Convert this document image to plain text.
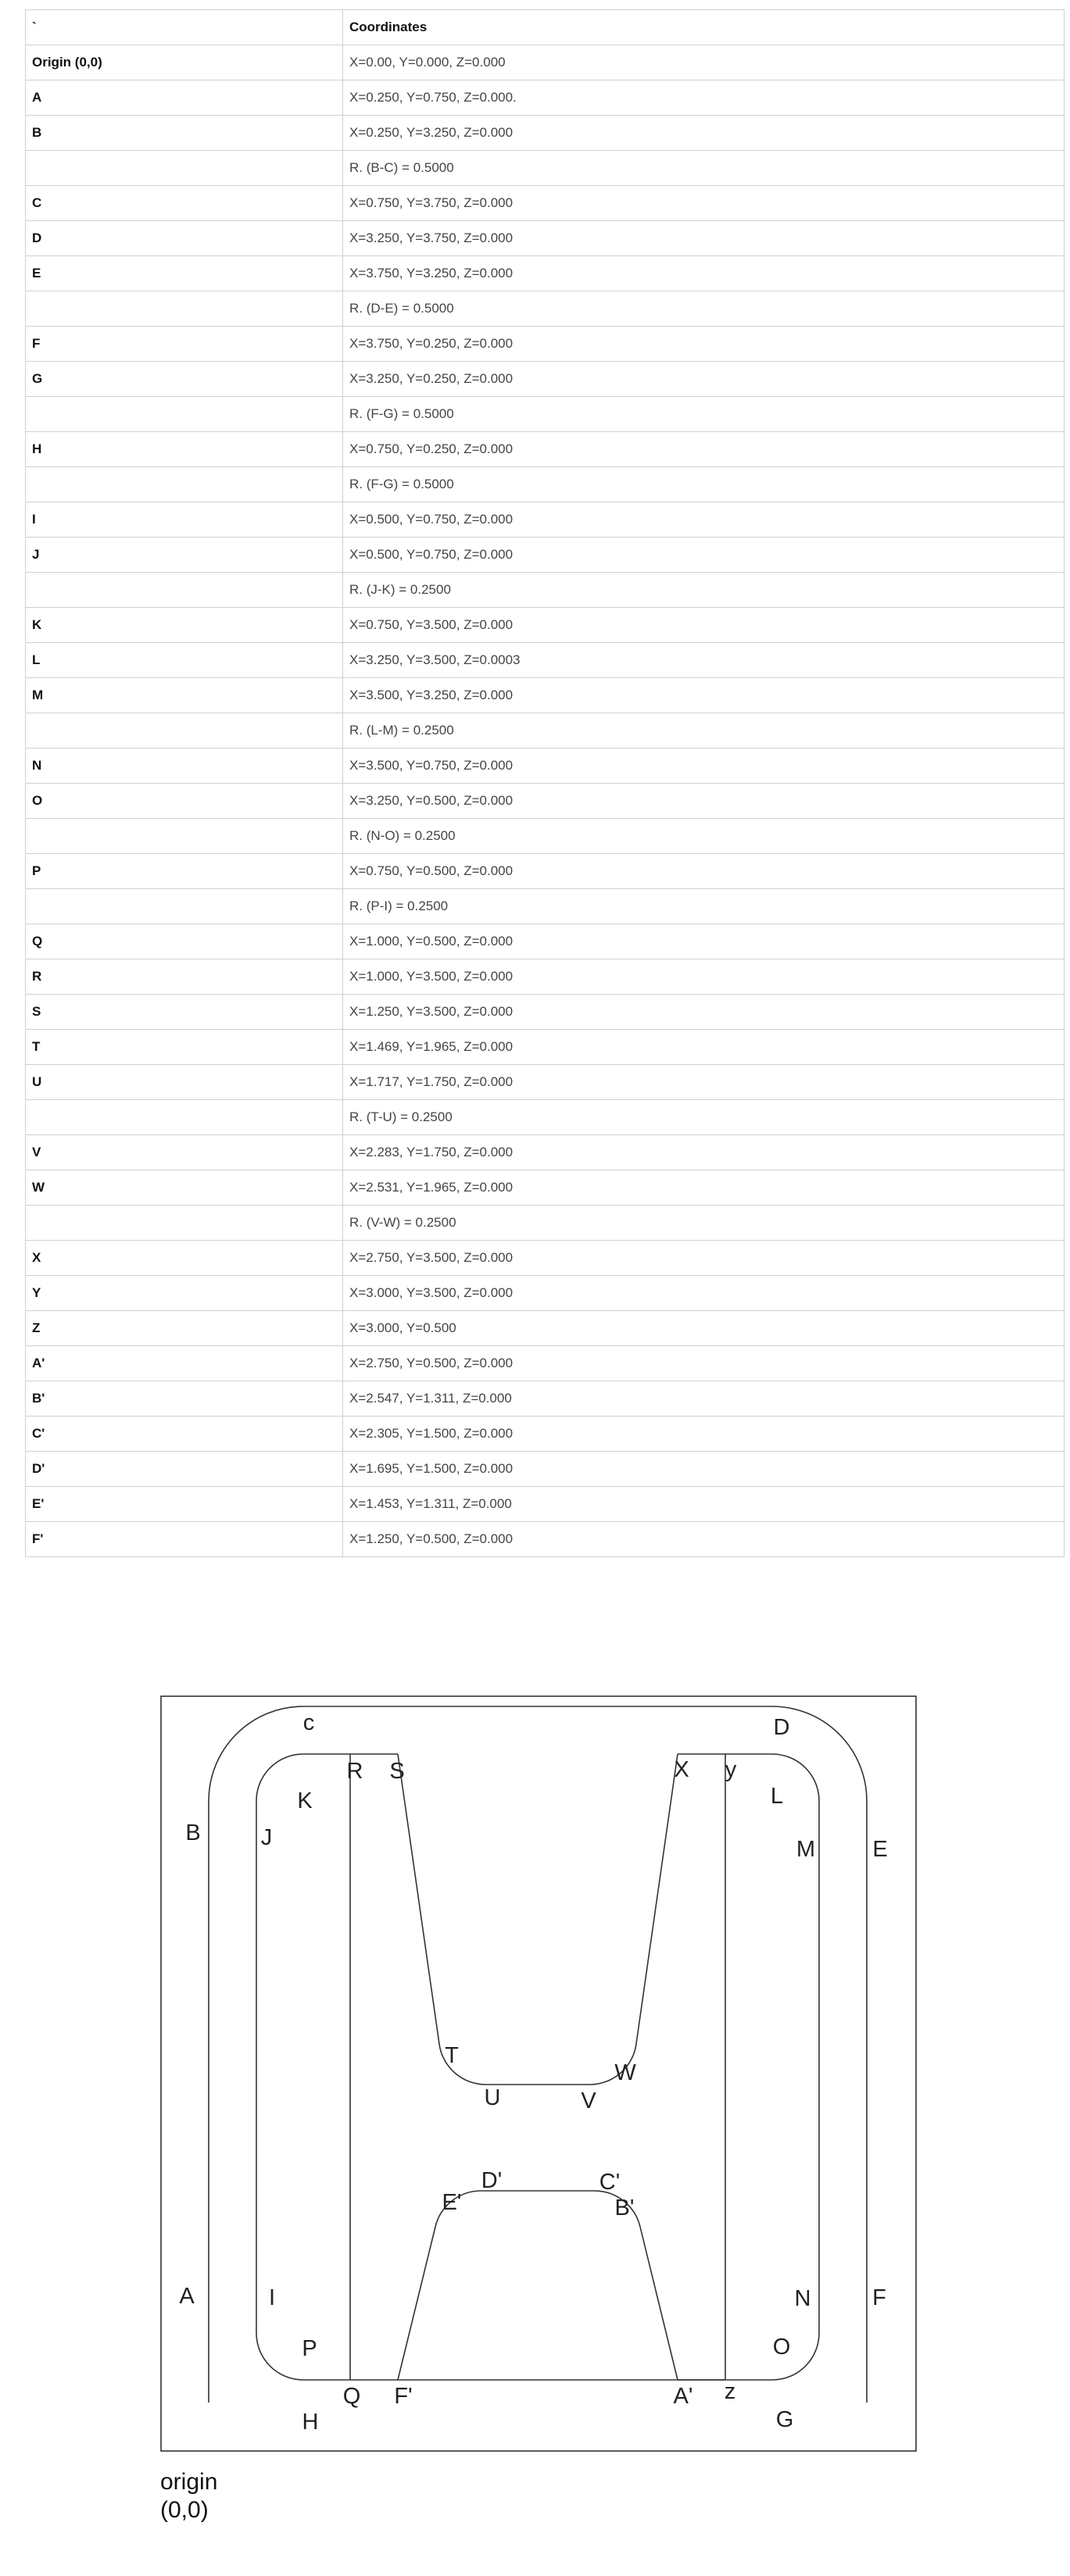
`	Coordinates
Origin (0,0)	X=0.00, Y=0.000, Z=0.000
A	X=0.250, Y=0.750, Z=0.000.
B	X=0.250, Y=3.250, Z=0.000
	R. (B-C) = 0.5000
C	X=0.750, Y=3.750, Z=0.000
D	X=3.250, Y=3.750, Z=0.000
E	X=3.750, Y=3.250, Z=0.000
	R. (D-E) = 0.5000
F	X=3.750, Y=0.250, Z=0.000
G	X=3.250, Y=0.250, Z=0.000
	R. (F-G) = 0.5000
H	X=0.750, Y=0.250, Z=0.000
	R. (F-G) = 0.5000
I	X=0.500, Y=0.750, Z=0.000
J	X=0.500, Y=0.750, Z=0.000
	R. (J-K) = 0.2500
K	X=0.750, Y=3.500, Z=0.000
L	X=3.250, Y=3.500, Z=0.0003
M	X=3.500, Y=3.250, Z=0.000
	R. (L-M) = 0.2500
N	X=3.500, Y=0.750, Z=0.000
O	X=3.250, Y=0.500, Z=0.000
	R. (N-O) = 0.2500
P	X=0.750, Y=0.500, Z=0.000
	R. (P-I) = 0.2500
Q	X=1.000, Y=0.500, Z=0.000
R	X=1.000, Y=3.500, Z=0.000
S	X=1.250, Y=3.500, Z=0.000
T	X=1.469, Y=1.965, Z=0.000
U	X=1.717, Y=1.750, Z=0.000
	R. (T-U) = 0.2500
V	X=2.283, Y=1.750, Z=0.000
W	X=2.531, Y=1.965, Z=0.000
	R. (V-W) = 0.2500
X	X=2.750, Y=3.500, Z=0.000
Y	X=3.000, Y=3.500, Z=0.000
Z	X=3.000, Y=0.500
A'	X=2.750, Y=0.500, Z=0.000
B'	X=2.547, Y=1.311, Z=0.000
C'	X=2.305, Y=1.500, Z=0.000
D'	X=1.695, Y=1.500, Z=0.000
E'	X=1.453, Y=1.311, Z=0.000
F'	X=1.250, Y=0.500, Z=0.000
c	D
B
E
R S	X y
K	L
J	M
T
W
U	V
D'	C'
E'	B'
A	I	N	F
P	O
Q F'	A' z
H	G
origin
(0,0)
